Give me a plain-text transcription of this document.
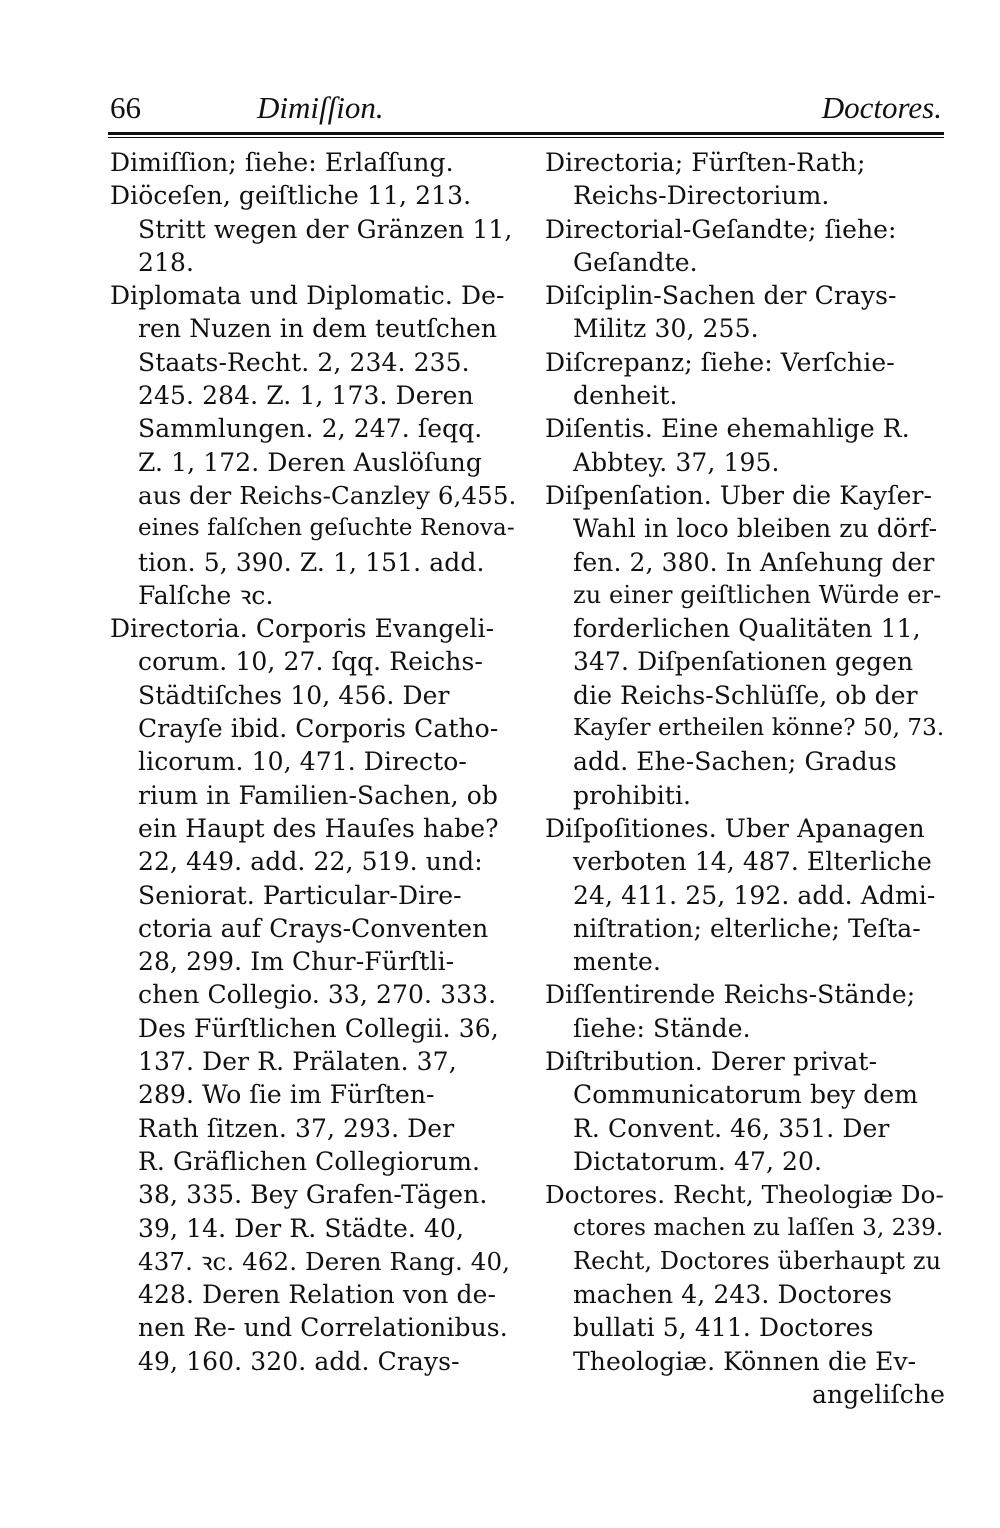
66	Dimiſſion.	Doctores.
Dimiſſion; ſiehe: Erlaſſung.
Diöceſen, geiſtliche 11, 213.
Stritt wegen der Gränzen 11,
218.
Diplomata und Diplomatic. De-
ren Nuzen in dem teutſchen
Staats-Recht. 2, 234. 235.
245. 284. Z. 1, 173. Deren
Sammlungen. 2, 247. ſeqq.
Z. 1, 172. Deren Auslöſung
aus der Reichs-Canzley 6,455.
eines falſchen geſuchte Renova-
tion. 5, 390. Z. 1, 151. add.
Falſche ꝛc.
Directoria. Corporis Evangeli-
corum. 10, 27. ſqq. Reichs-
Städtiſches 10, 456. Der
Crayſe ibid. Corporis Catho-
licorum. 10, 471. Directo-
rium in Familien-Sachen, ob
ein Haupt des Hauſes habe?
22, 449. add. 22, 519. und:
Seniorat. Particular-Dire-
ctoria auf Crays-Conventen
28, 299. Im Chur-Fürſtli-
chen Collegio. 33, 270. 333.
Des Fürſtlichen Collegii. 36,
137. Der R. Prälaten. 37,
289. Wo ſie im Fürſten-
Rath ſitzen. 37, 293. Der
R. Gräflichen Collegiorum.
38, 335. Bey Grafen-Tägen.
39, 14. Der R. Städte. 40,
437. ꝛc. 462. Deren Rang. 40,
428. Deren Relation von de-
nen Re- und Correlationibus.
49, 160. 320. add. Crays-
Directoria; Fürſten-Rath;
Reichs-Directorium.
Directorial-Geſandte; ſiehe:
Geſandte.
Diſciplin-Sachen der Crays-
Militz 30, 255.
Diſcrepanz; ſiehe: Verſchie-
denheit.
Diſentis. Eine ehemahlige R.
Abbtey. 37, 195.
Diſpenſation. Uber die Kayſer-
Wahl in loco bleiben zu dörf-
fen. 2, 380. In Anſehung der
zu einer geiſtlichen Würde er-
forderlichen Qualitäten 11,
347. Diſpenſationen gegen
die Reichs-Schlüſſe, ob der
Kayſer ertheilen könne? 50, 73.
add. Ehe-Sachen; Gradus
prohibiti.
Diſpoſitiones. Uber Apanagen
verboten 14, 487. Elterliche
24, 411. 25, 192. add. Admi-
niſtration; elterliche; Teſta-
mente.
Diſſentirende Reichs-Stände;
ſiehe: Stände.
Diſtribution. Derer privat-
Communicatorum bey dem
R. Convent. 46, 351. Der
Dictatorum. 47, 20.
Doctores. Recht, Theologiæ Do-
ctores machen zu laſſen 3, 239.
Recht, Doctores überhaupt zu
machen 4, 243. Doctores
bullati 5, 411. Doctores
Theologiæ. Können die Ev-
angeliſche
